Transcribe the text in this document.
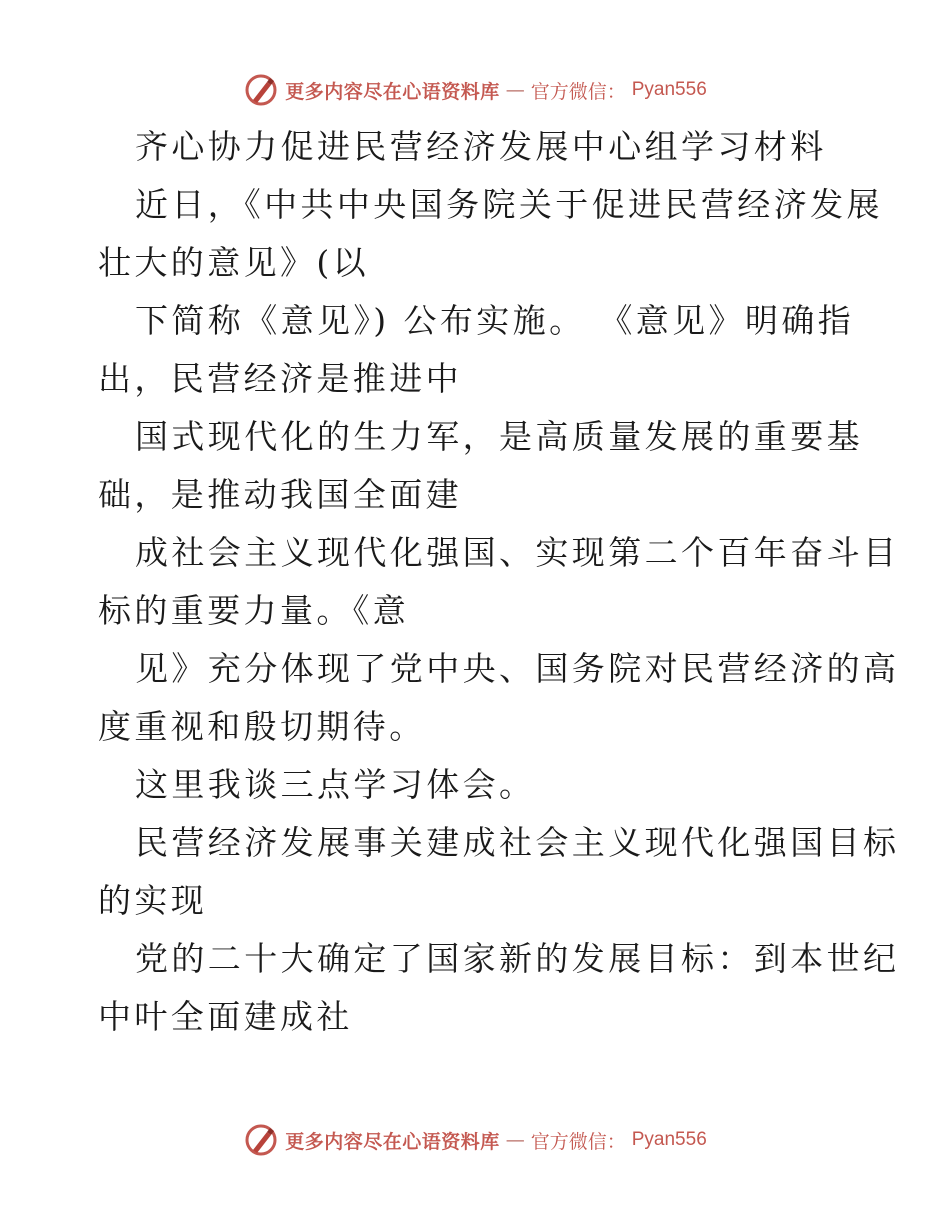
更多内容尽在心语资料库 — 官方微信： Pyan556
齐心协力促进民营经济发展中心组学习材料
近日，《中共中央国务院关于促进民营经济发展
壮大的意见》(以
下简称《意见》) 公布实施。 《意见》明确指
出，民营经济是推进中
国式现代化的生力军，是高质量发展的重要基
础，是推动我国全面建
成社会主义现代化强国、实现第二个百年奋斗目
标的重要力量。《意
见》充分体现了党中央、国务院对民营经济的高
度重视和殷切期待。
这里我谈三点学习体会。
民营经济发展事关建成社会主义现代化强国目标
的实现
党的二十大确定了国家新的发展目标：到本世纪
中叶全面建成社
更多内容尽在心语资料库 — 官方微信： Pyan556
